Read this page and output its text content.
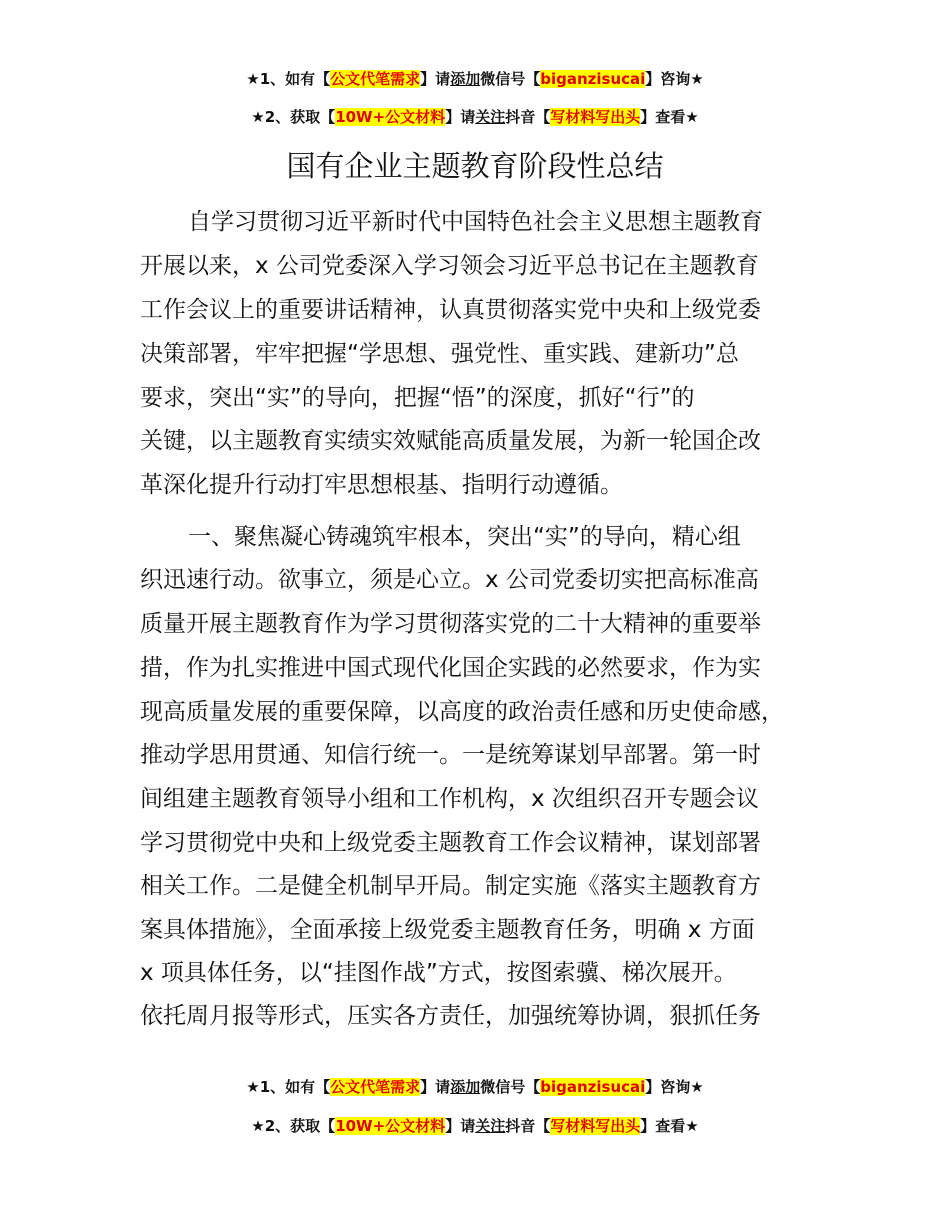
★1、如有【公文代笔需求】请添加微信号【biganzisucai】咨询★
★2、获取【10W+公文材料】请关注抖音【写材料写出头】查看★
国有企业主题教育阶段性总结
自学习贯彻习近平新时代中国特色社会主义思想主题教育
开展以来，x 公司党委深入学习领会习近平总书记在主题教育
工作会议上的重要讲话精神，认真贯彻落实党中央和上级党委
决策部署，牢牢把握“学思想、强党性、重实践、建新功”总
要求，突出“实”的导向，把握“悟”的深度，抓好“行”的
关键，以主题教育实绩实效赋能高质量发展，为新一轮国企改
革深化提升行动打牢思想根基、指明行动遵循。
一、聚焦凝心铸魂筑牢根本，突出“实”的导向，精心组
织迅速行动。欲事立，须是心立。x 公司党委切实把高标准高
质量开展主题教育作为学习贯彻落实党的二十大精神的重要举
措，作为扎实推进中国式现代化国企实践的必然要求，作为实
现高质量发展的重要保障，以高度的政治责任感和历史使命感，
推动学思用贯通、知信行统一。一是统筹谋划早部署。第一时
间组建主题教育领导小组和工作机构，x 次组织召开专题会议
学习贯彻党中央和上级党委主题教育工作会议精神，谋划部署
相关工作。二是健全机制早开局。制定实施《落实主题教育方
案具体措施》，全面承接上级党委主题教育任务，明确 x 方面
x 项具体任务，以“挂图作战”方式，按图索骥、梯次展开。
依托周月报等形式，压实各方责任，加强统筹协调，狠抓任务
★1、如有【公文代笔需求】请添加微信号【biganzisucai】咨询★
★2、获取【10W+公文材料】请关注抖音【写材料写出头】查看★
